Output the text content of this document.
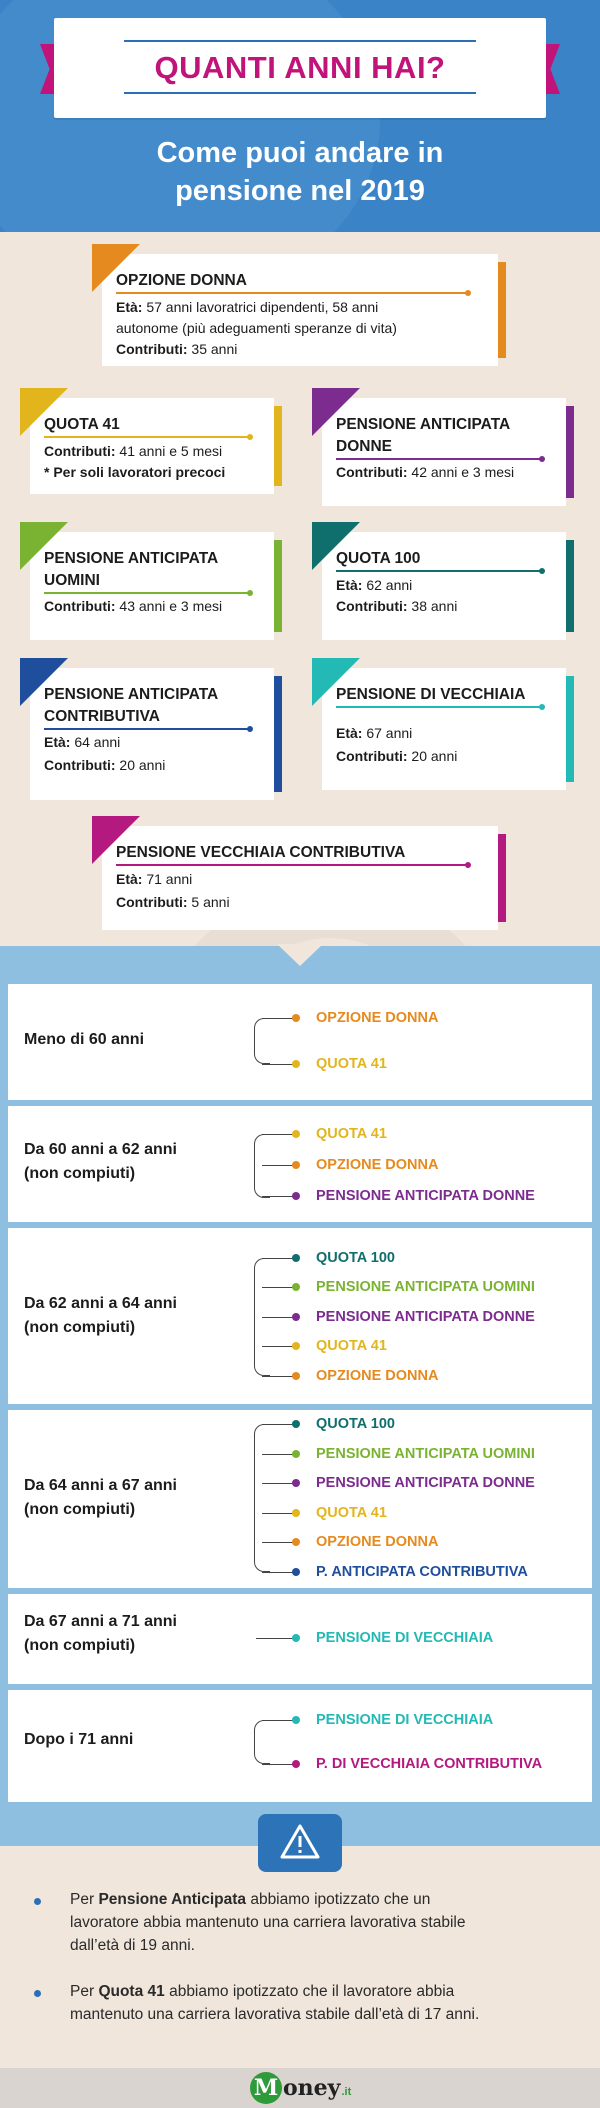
QUANTI ANNI HAI?
Come puoi andare in
pensione nel 2019
OPZIONE DONNA
Età: 57 anni lavoratrici dipendenti, 58 anni
autonome (più adeguamenti speranze di vita)
Contributi: 35 anni
QUOTA 41
Contributi: 41 anni e 5 mesi
* Per soli lavoratori precoci
PENSIONE ANTICIPATA
DONNE
Contributi: 42 anni e 3 mesi
PENSIONE ANTICIPATA
UOMINI
Contributi: 43 anni e 3 mesi
QUOTA 100
Età: 62 anni
Contributi: 38 anni
PENSIONE ANTICIPATA
CONTRIBUTIVA
Età: 64 anni
Contributi: 20 anni
PENSIONE DI VECCHIAIA
Età: 67 anni
Contributi: 20 anni
PENSIONE VECCHIAIA CONTRIBUTIVA
Età: 71 anni
Contributi: 5 anni
Meno di 60 anni
OPZIONE DONNA
QUOTA 41
Da 60 anni a 62 anni
(non compiuti)
QUOTA 41
OPZIONE DONNA
PENSIONE ANTICIPATA DONNE
Da 62 anni a 64 anni
(non compiuti)
QUOTA 100
PENSIONE ANTICIPATA UOMINI
PENSIONE ANTICIPATA DONNE
QUOTA 41
OPZIONE DONNA
Da 64 anni a 67 anni
(non compiuti)
QUOTA 100
PENSIONE ANTICIPATA UOMINI
PENSIONE ANTICIPATA DONNE
QUOTA 41
OPZIONE DONNA
P. ANTICIPATA CONTRIBUTIVA
Da 67 anni a 71 anni
(non compiuti)	PENSIONE DI VECCHIAIA
Dopo i 71 anni
PENSIONE DI VECCHIAIA
P. DI VECCHIAIA CONTRIBUTIVA
Per Pensione Anticipata abbiamo ipotizzato che un
lavoratore abbia mantenuto una carriera lavorativa stabile
dall’età di 19 anni.
Per Quota 41 abbiamo ipotizzato che il lavoratore abbia
mantenuto una carriera lavorativa stabile dall’età di 17 anni.
M oney .it
